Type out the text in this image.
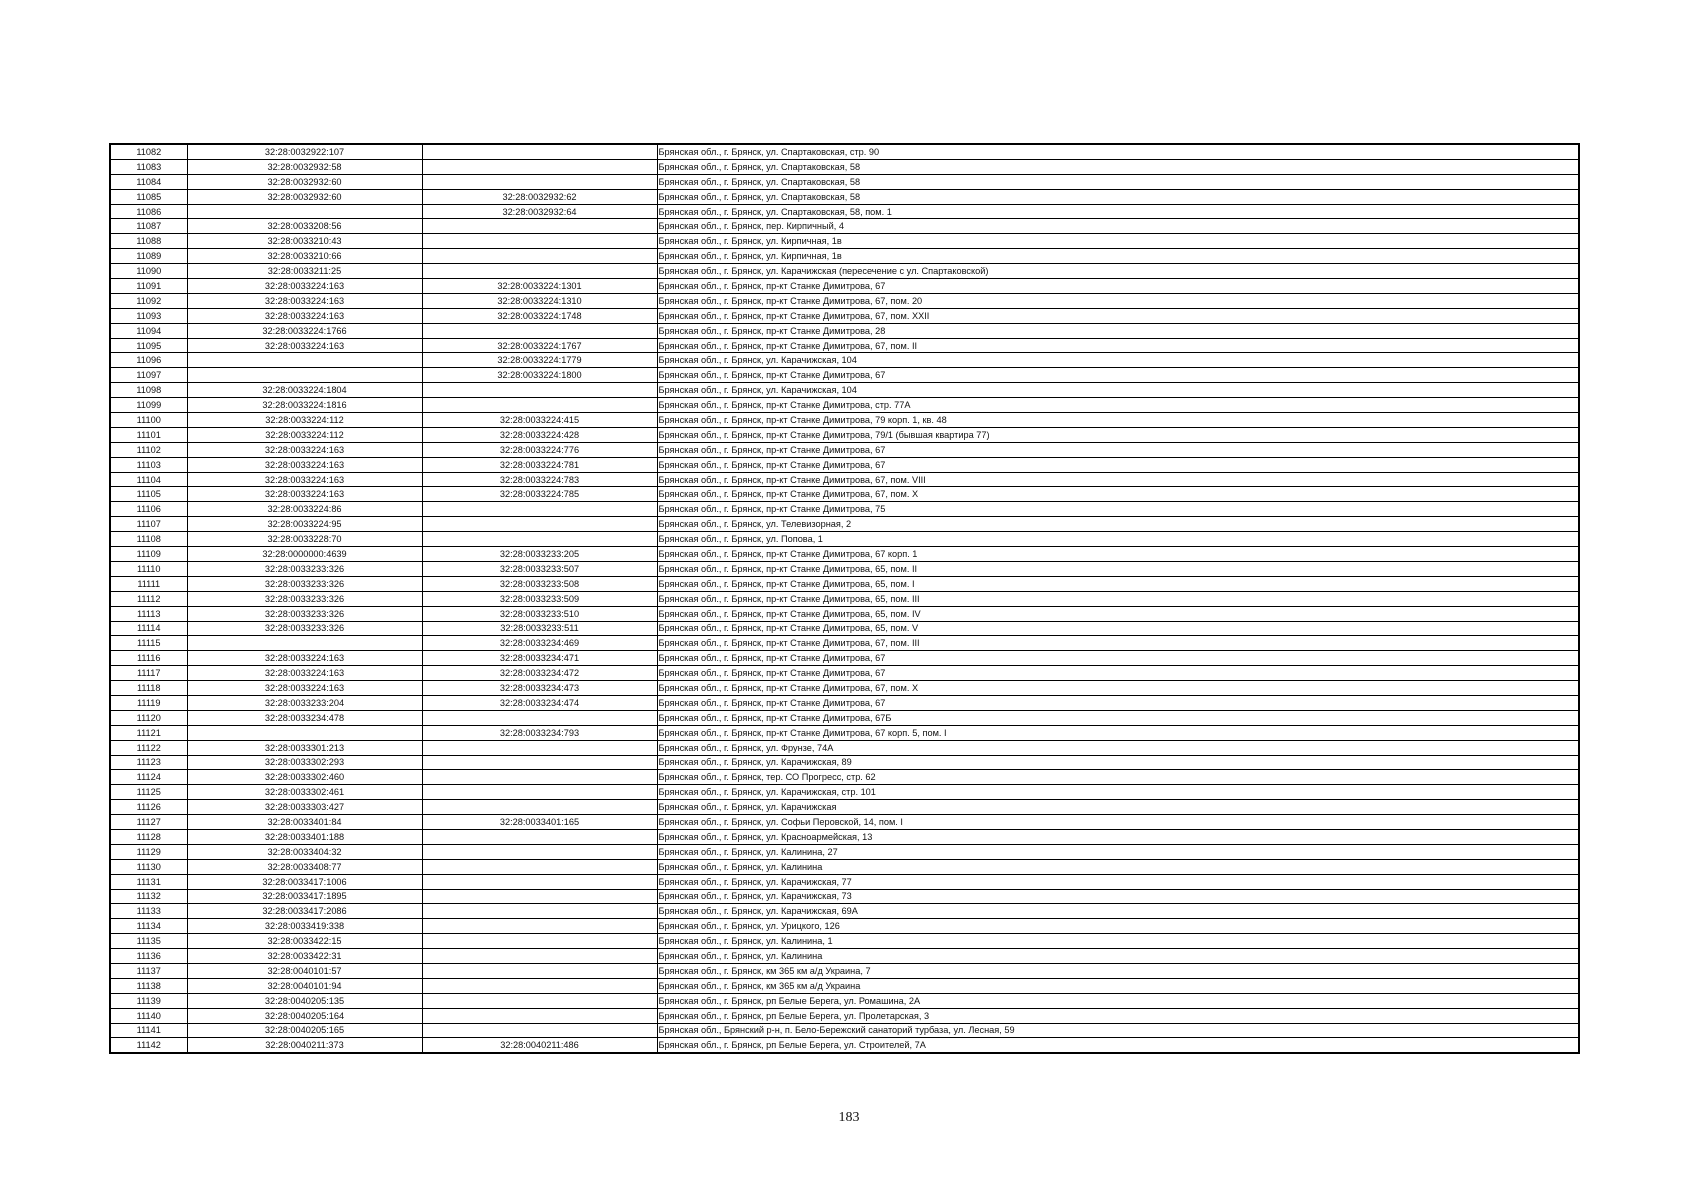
11082	32:28:0032922:107		Брянская обл., г. Брянск, ул. Спартаковская, стр. 90
11083	32:28:0032932:58		Брянская обл., г. Брянск, ул. Спартаковская, 58
11084	32:28:0032932:60		Брянская обл., г. Брянск, ул. Спартаковская, 58
11085	32:28:0032932:60	32:28:0032932:62	Брянская обл., г. Брянск, ул. Спартаковская, 58
11086		32:28:0032932:64	Брянская обл., г. Брянск, ул. Спартаковская, 58, пом. 1
11087	32:28:0033208:56		Брянская обл., г. Брянск, пер. Кирпичный, 4
11088	32:28:0033210:43		Брянская обл., г. Брянск, ул. Кирпичная, 1в
11089	32:28:0033210:66		Брянская обл., г. Брянск, ул. Кирпичная, 1в
11090	32:28:0033211:25		Брянская обл., г. Брянск, ул. Карачижская (пересечение с ул. Спартаковской)
11091	32:28:0033224:163	32:28:0033224:1301	Брянская обл., г. Брянск, пр-кт Станке Димитрова, 67
11092	32:28:0033224:163	32:28:0033224:1310	Брянская обл., г. Брянск, пр-кт Станке Димитрова, 67, пом. 20
11093	32:28:0033224:163	32:28:0033224:1748	Брянская обл., г. Брянск, пр-кт Станке Димитрова, 67, пом. XXII
11094	32:28:0033224:1766		Брянская обл., г. Брянск, пр-кт Станке Димитрова, 28
11095	32:28:0033224:163	32:28:0033224:1767	Брянская обл., г. Брянск, пр-кт Станке Димитрова, 67, пом. II
11096		32:28:0033224:1779	Брянская обл., г. Брянск, ул. Карачижская, 104
11097		32:28:0033224:1800	Брянская обл., г. Брянск, пр-кт Станке Димитрова, 67
11098	32:28:0033224:1804		Брянская обл., г. Брянск, ул. Карачижская, 104
11099	32:28:0033224:1816		Брянская обл., г. Брянск, пр-кт Станке Димитрова, стр. 77А
11100	32:28:0033224:112	32:28:0033224:415	Брянская обл., г. Брянск, пр-кт Станке Димитрова, 79 корп. 1, кв. 48
11101	32:28:0033224:112	32:28:0033224:428	Брянская обл., г. Брянск, пр-кт Станке Димитрова, 79/1 (бывшая квартира 77)
11102	32:28:0033224:163	32:28:0033224:776	Брянская обл., г. Брянск, пр-кт Станке Димитрова, 67
11103	32:28:0033224:163	32:28:0033224:781	Брянская обл., г. Брянск, пр-кт Станке Димитрова, 67
11104	32:28:0033224:163	32:28:0033224:783	Брянская обл., г. Брянск, пр-кт Станке Димитрова, 67, пом. VIII
11105	32:28:0033224:163	32:28:0033224:785	Брянская обл., г. Брянск, пр-кт Станке Димитрова, 67, пом. X
11106	32:28:0033224:86		Брянская обл., г. Брянск, пр-кт Станке Димитрова, 75
11107	32:28:0033224:95		Брянская обл., г. Брянск, ул. Телевизорная, 2
11108	32:28:0033228:70		Брянская обл., г. Брянск, ул. Попова, 1
11109	32:28:0000000:4639	32:28:0033233:205	Брянская обл., г. Брянск, пр-кт Станке Димитрова, 67 корп. 1
11110	32:28:0033233:326	32:28:0033233:507	Брянская обл., г. Брянск, пр-кт Станке Димитрова, 65, пом. II
11111	32:28:0033233:326	32:28:0033233:508	Брянская обл., г. Брянск, пр-кт Станке Димитрова, 65, пом. I
11112	32:28:0033233:326	32:28:0033233:509	Брянская обл., г. Брянск, пр-кт Станке Димитрова, 65, пом. III
11113	32:28:0033233:326	32:28:0033233:510	Брянская обл., г. Брянск, пр-кт Станке Димитрова, 65, пом. IV
11114	32:28:0033233:326	32:28:0033233:511	Брянская обл., г. Брянск, пр-кт Станке Димитрова, 65, пом. V
11115		32:28:0033234:469	Брянская обл., г. Брянск, пр-кт Станке Димитрова, 67, пом. III
11116	32:28:0033224:163	32:28:0033234:471	Брянская обл., г. Брянск, пр-кт Станке Димитрова, 67
11117	32:28:0033224:163	32:28:0033234:472	Брянская обл., г. Брянск, пр-кт Станке Димитрова, 67
11118	32:28:0033224:163	32:28:0033234:473	Брянская обл., г. Брянск, пр-кт Станке Димитрова, 67, пом. X
11119	32:28:0033233:204	32:28:0033234:474	Брянская обл., г. Брянск, пр-кт Станке Димитрова, 67
11120	32:28:0033234:478		Брянская обл., г. Брянск, пр-кт Станке Димитрова, 67Б
11121		32:28:0033234:793	Брянская обл., г. Брянск, пр-кт Станке Димитрова, 67 корп. 5, пом. I
11122	32:28:0033301:213		Брянская обл., г. Брянск, ул. Фрунзе, 74А
11123	32:28:0033302:293		Брянская обл., г. Брянск, ул. Карачижская, 89
11124	32:28:0033302:460		Брянская обл., г. Брянск, тер. СО Прогресс, стр. 62
11125	32:28:0033302:461		Брянская обл., г. Брянск, ул. Карачижская, стр. 101
11126	32:28:0033303:427		Брянская обл., г. Брянск, ул. Карачижская
11127	32:28:0033401:84	32:28:0033401:165	Брянская обл., г. Брянск, ул. Софьи Перовской, 14, пом. I
11128	32:28:0033401:188		Брянская обл., г. Брянск, ул. Красноармейская, 13
11129	32:28:0033404:32		Брянская обл., г. Брянск, ул. Калинина, 27
11130	32:28:0033408:77		Брянская обл., г. Брянск, ул. Калинина
11131	32:28:0033417:1006		Брянская обл., г. Брянск, ул. Карачижская, 77
11132	32:28:0033417:1895		Брянская обл., г. Брянск, ул. Карачижская, 73
11133	32:28:0033417:2086		Брянская обл., г. Брянск, ул. Карачижская, 69А
11134	32:28:0033419:338		Брянская обл., г. Брянск, ул. Урицкого, 126
11135	32:28:0033422:15		Брянская обл., г. Брянск, ул. Калинина, 1
11136	32:28:0033422:31		Брянская обл., г. Брянск, ул. Калинина
11137	32:28:0040101:57		Брянская обл., г. Брянск, км 365 км а/д Украина, 7
11138	32:28:0040101:94		Брянская обл., г. Брянск, км 365 км а/д Украина
11139	32:28:0040205:135		Брянская обл., г. Брянск, рп Белые Берега, ул. Ромашина, 2А
11140	32:28:0040205:164		Брянская обл., г. Брянск, рп Белые Берега, ул. Пролетарская, 3
11141	32:28:0040205:165		Брянская обл., Брянский р-н, п. Бело-Бережский санаторий турбаза, ул. Лесная, 59
11142	32:28:0040211:373	32:28:0040211:486	Брянская обл., г. Брянск, рп Белые Берега, ул. Строителей, 7А
183
